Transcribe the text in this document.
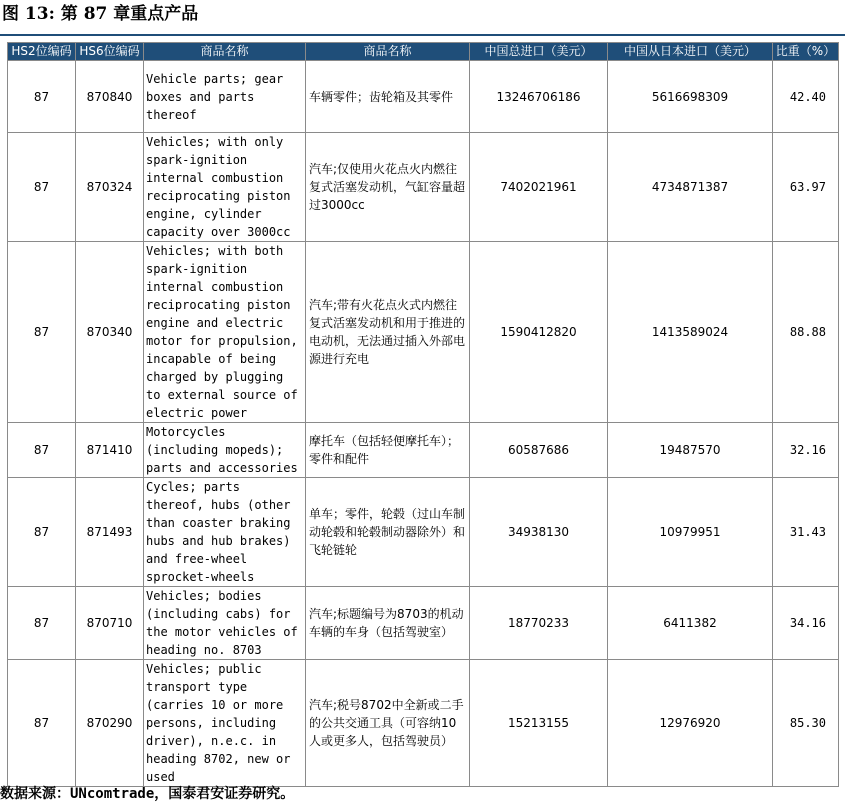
图 13: 第 87 章重点产品
HS2位编码	HS6位编码	商品名称	商品名称	中国总进口（美元）	中国从日本进口（美元）	比重（%）
87	870840	Vehicle parts; gear boxes and parts thereof	车辆零件；齿轮箱及其零件	13246706186	5616698309	42.40
87	870324	Vehicles; with only spark-ignition internal combustion reciprocating piston engine, cylinder capacity over 3000cc	汽车;仅使用火花点火内燃往复式活塞发动机，气缸容量超过3000cc	7402021961	4734871387	63.97
87	870340	Vehicles; with both spark-ignition internal combustion reciprocating piston engine and electric motor for propulsion, incapable of being charged by plugging to external source of electric power	汽车;带有火花点火式内燃往复式活塞发动机和用于推进的电动机，无法通过插入外部电源进行充电	1590412820	1413589024	88.88
87	871410	Motorcycles (including mopeds); parts and accessories	摩托车（包括轻便摩托车）；零件和配件	60587686	19487570	32.16
87	871493	Cycles; parts thereof, hubs (other than coaster braking hubs and hub brakes) and free-wheel sprocket-wheels	单车；零件，轮毂（过山车制动轮毂和轮毂制动器除外）和飞轮链轮	34938130	10979951	31.43
87	870710	Vehicles; bodies (including cabs) for the motor vehicles of heading no. 8703	汽车;标题编号为8703的机动车辆的车身（包括驾驶室）	18770233	6411382	34.16
87	870290	Vehicles; public transport type (carries 10 or more persons, including driver), n.e.c. in heading 8702, new or used	汽车;税号8702中全新或二手的公共交通工具（可容纳10人或更多人，包括驾驶员）	15213155	12976920	85.30
数据来源：UNcomtrade，国泰君安证券研究。
